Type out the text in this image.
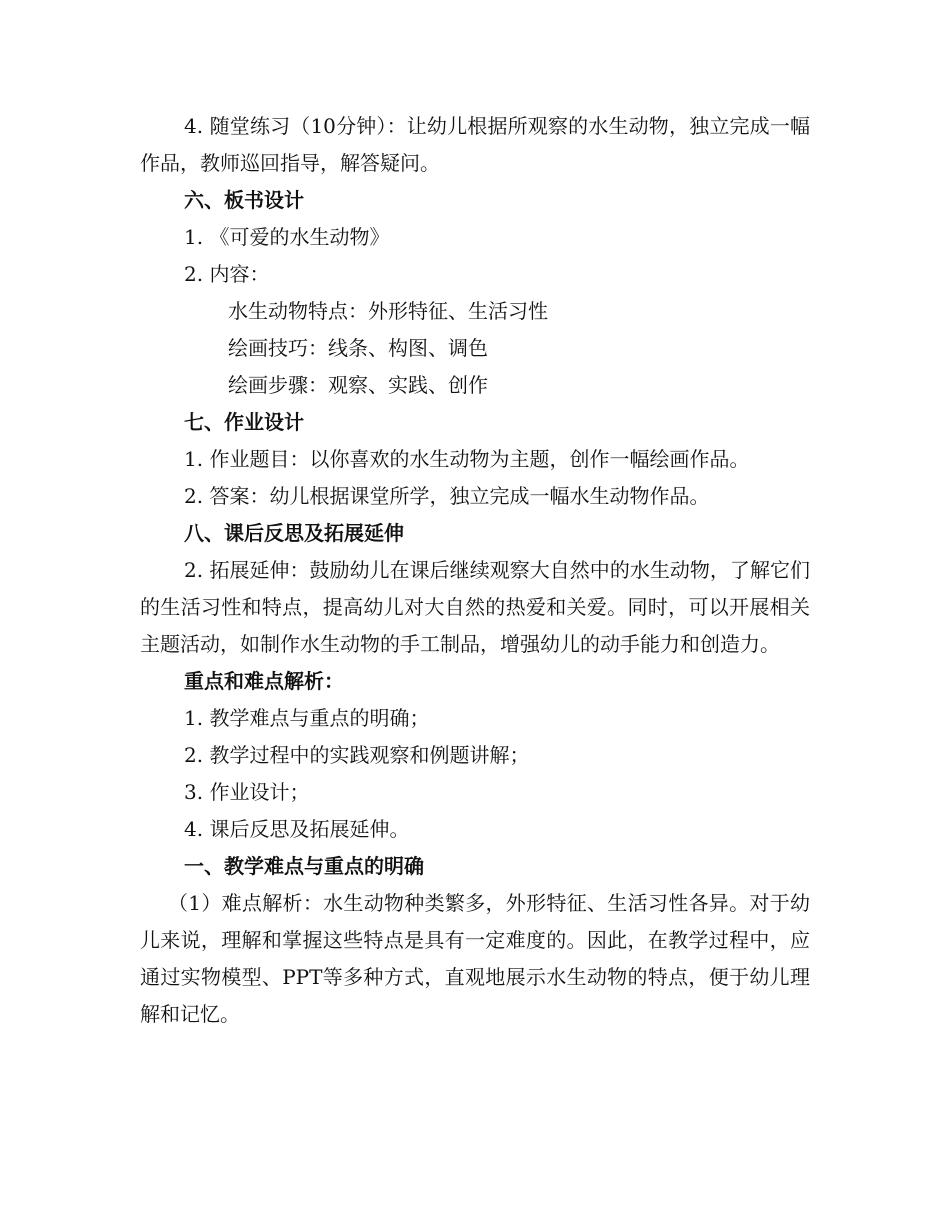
4. 随堂练习（10分钟）：让幼儿根据所观察的水生动物，独立完成一幅作品，教师巡回指导，解答疑问。

六、板书设计

1. 《可爱的水生动物》

2. 内容：

水生动物特点：外形特征、生活习性

绘画技巧：线条、构图、调色

绘画步骤：观察、实践、创作

七、作业设计

1. 作业题目：以你喜欢的水生动物为主题，创作一幅绘画作品。

2. 答案：幼儿根据课堂所学，独立完成一幅水生动物作品。

八、课后反思及拓展延伸

2. 拓展延伸：鼓励幼儿在课后继续观察大自然中的水生动物，了解它们的生活习性和特点，提高幼儿对大自然的热爱和关爱。同时，可以开展相关主题活动，如制作水生动物的手工制品，增强幼儿的动手能力和创造力。

重点和难点解析：

1. 教学难点与重点的明确；

2. 教学过程中的实践观察和例题讲解；

3. 作业设计；

4. 课后反思及拓展延伸。

一、教学难点与重点的明确

（1）难点解析：水生动物种类繁多，外形特征、生活习性各异。对于幼儿来说，理解和掌握这些特点是具有一定难度的。因此，在教学过程中，应通过实物模型、PPT等多种方式，直观地展示水生动物的特点，便于幼儿理解和记忆。
